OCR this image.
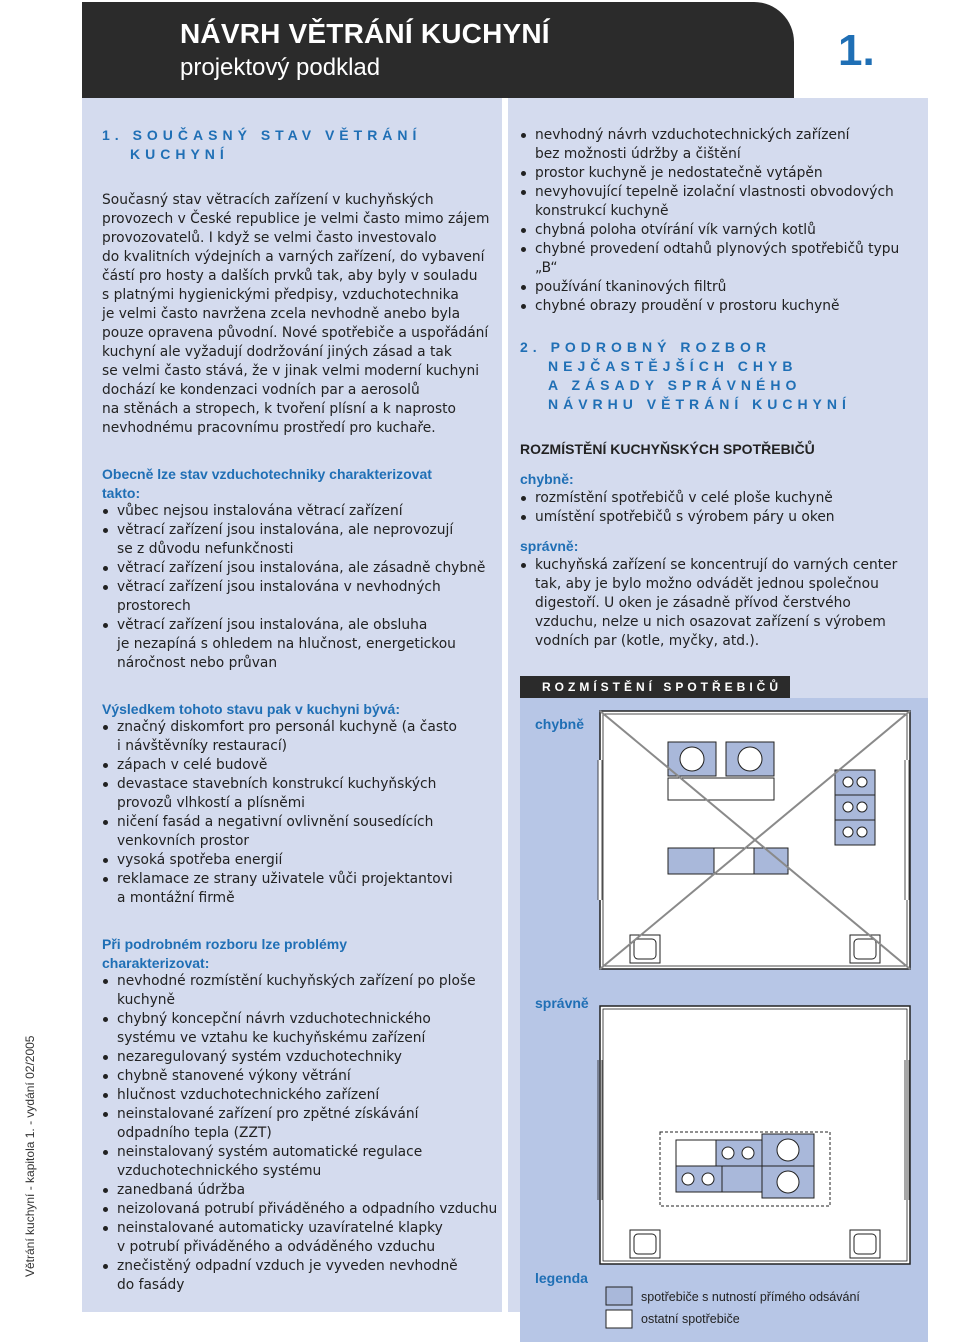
NÁVRH VĚTRÁNÍ KUCHYNÍ
projektový podklad	1.
Větrání kuchyní - kapitola 1. - vydání 02/2005
1. SOUČASNÝ STAV VĚTRÁNÍ
KUCHYNÍ
Současný stav větracích zařízení v kuchyňských
provozech v České republice je velmi často mimo zájem
provozovatelů. I když se velmi často investovalo
do kvalitních výdejních a varných zařízení, do vybavení
částí pro hosty a dalších prvků tak, aby byly v souladu
s platnými hygienickými předpisy, vzduchotechnika
je velmi často navržena zcela nevhodně anebo byla
pouze opravena původní. Nové spotřebiče a uspořádání
kuchyní ale vyžadují dodržování jiných zásad a tak
se velmi často stává, že v jinak velmi moderní kuchyni
dochází ke kondenzaci vodních par a aerosolů
na stěnách a stropech, k tvoření plísní a k naprosto
nevhodnému pracovnímu prostředí pro kuchaře.
Obecně lze stav vzduchotechniky charakterizovat
takto:
vůbec nejsou instalována větrací zařízení
větrací zařízení jsou instalována, ale neprovozují
se z důvodu nefunkčnosti
větrací zařízení jsou instalována, ale zásadně chybně
větrací zařízení jsou instalována v nevhodných
prostorech
větrací zařízení jsou instalována, ale obsluha
je nezapíná s ohledem na hlučnost, energetickou
náročnost nebo průvan
Výsledkem tohoto stavu pak v kuchyni bývá:
značný diskomfort pro personál kuchyně (a často
i návštěvníky restaurací)
zápach v celé budově
devastace stavebních konstrukcí kuchyňských
provozů vlhkostí a plísněmi
ničení fasád a negativní ovlivnění sousedících
venkovních prostor
vysoká spotřeba energií
reklamace ze strany uživatele vůči projektantovi
a montážní firmě
Při podrobném rozboru lze problémy
charakterizovat:
nevhodné rozmístění kuchyňských zařízení po ploše
kuchyně
chybný koncepční návrh vzduchotechnického
systému ve vztahu ke kuchyňskému zařízení
nezaregulovaný systém vzduchotechniky
chybně stanovené výkony větrání
hlučnost vzduchotechnického zařízení
neinstalované zařízení pro zpětné získávání
odpadního tepla (ZZT)
neinstalovaný systém automatické regulace
vzduchotechnického systému
zanedbaná údržba
neizolovaná potrubí přiváděného a odpadního vzduchu
neinstalované automaticky uzavíratelné klapky
v potrubí přiváděného a odváděného vzduchu
znečistěný odpadní vzduch je vyveden nevhodně
do fasády
nevhodný návrh vzduchotechnických zařízení
bez možnosti údržby a čištění
prostor kuchyně je nedostatečně vytápěn
nevyhovující tepelně izolační vlastnosti obvodových
konstrukcí kuchyně
chybná poloha otvírání vík varných kotlů
chybné provedení odtahů plynových spotřebičů typu „B“
používání tkaninových filtrů
chybné obrazy proudění v prostoru kuchyně
2. PODROBNÝ ROZBOR
NEJČASTĚJŠÍCH CHYB
A ZÁSADY SPRÁVNÉHO
NÁVRHU VĚTRÁNÍ KUCHYNÍ
ROZMÍSTĚNÍ KUCHYŇSKÝCH SPOTŘEBIČŮ
chybně:
rozmístění spotřebičů v celé ploše kuchyně
umístění spotřebičů s výrobem páry u oken
správně:
kuchyňská zařízení se koncentrují do varných center
tak, aby je bylo možno odvádět jednou společnou
digestoří. U oken je zásadně přívod čerstvého
vzduchu, nelze u nich osazovat zařízení s výrobem
vodních par (kotle, myčky, atd.).
ROZMÍSTĚNÍ SPOTŘEBIČŮ
chybně
správně
legenda
spotřebiče s nutností přímého odsávání
ostatní spotřebiče
